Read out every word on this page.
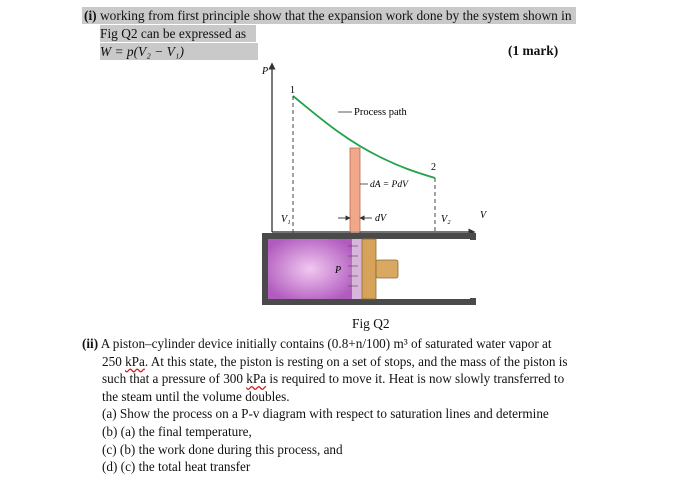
(i) working from first principle show that the expansion work done by the system shown in
Fig Q2 can be expressed as
W = p(V₂ − V₁)	(1 mark)
P
V
1
2
Process path
dA = PdV
dV
V₁	V₂
P
Fig Q2
(ii) A piston–cylinder device initially contains (0.8+n/100) m³ of saturated water vapor at
250 kPa. At this state, the piston is resting on a set of stops, and the mass of the piston is
such that a pressure of 300 kPa is required to move it. Heat is now slowly transferred to
the steam until the volume doubles.
(a) Show the process on a P-v diagram with respect to saturation lines and determine
(b) (a) the final temperature,
(c) (b) the work done during this process, and
(d) (c) the total heat transfer
